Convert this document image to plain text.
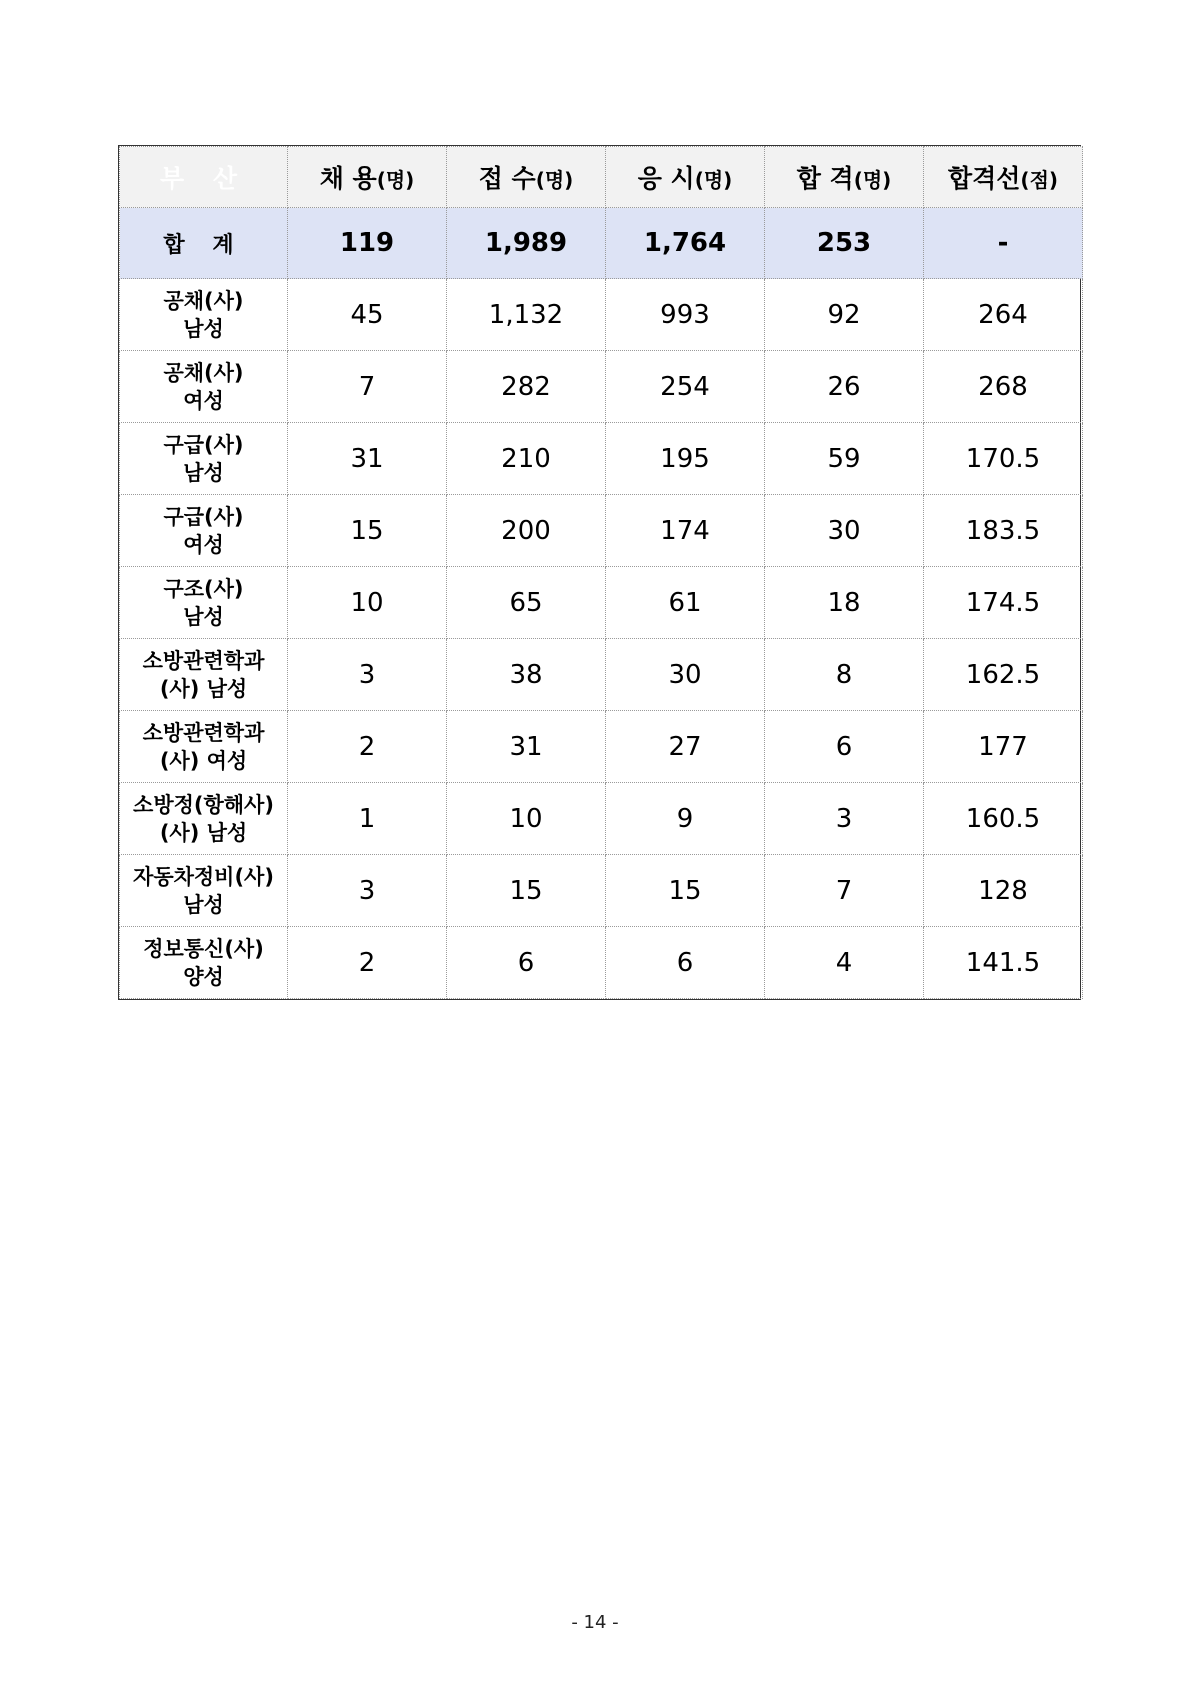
부 산	채 용(명)	접 수(명)	응 시(명)	합 격(명)	합격선(점)
합 계	119	1,989	1,764	253	-
공채(사)
남성	45	1,132	993	92	264
공채(사)
여성	7	282	254	26	268
구급(사)
남성	31	210	195	59	170.5
구급(사)
여성	15	200	174	30	183.5
구조(사)
남성	10	65	61	18	174.5
소방관련학과
(사) 남성	3	38	30	8	162.5
소방관련학과
(사) 여성	2	31	27	6	177
소방정(항해사)
(사) 남성	1	10	9	3	160.5
자동차정비(사)
남성	3	15	15	7	128
정보통신(사)
양성	2	6	6	4	141.5
- 14 -
